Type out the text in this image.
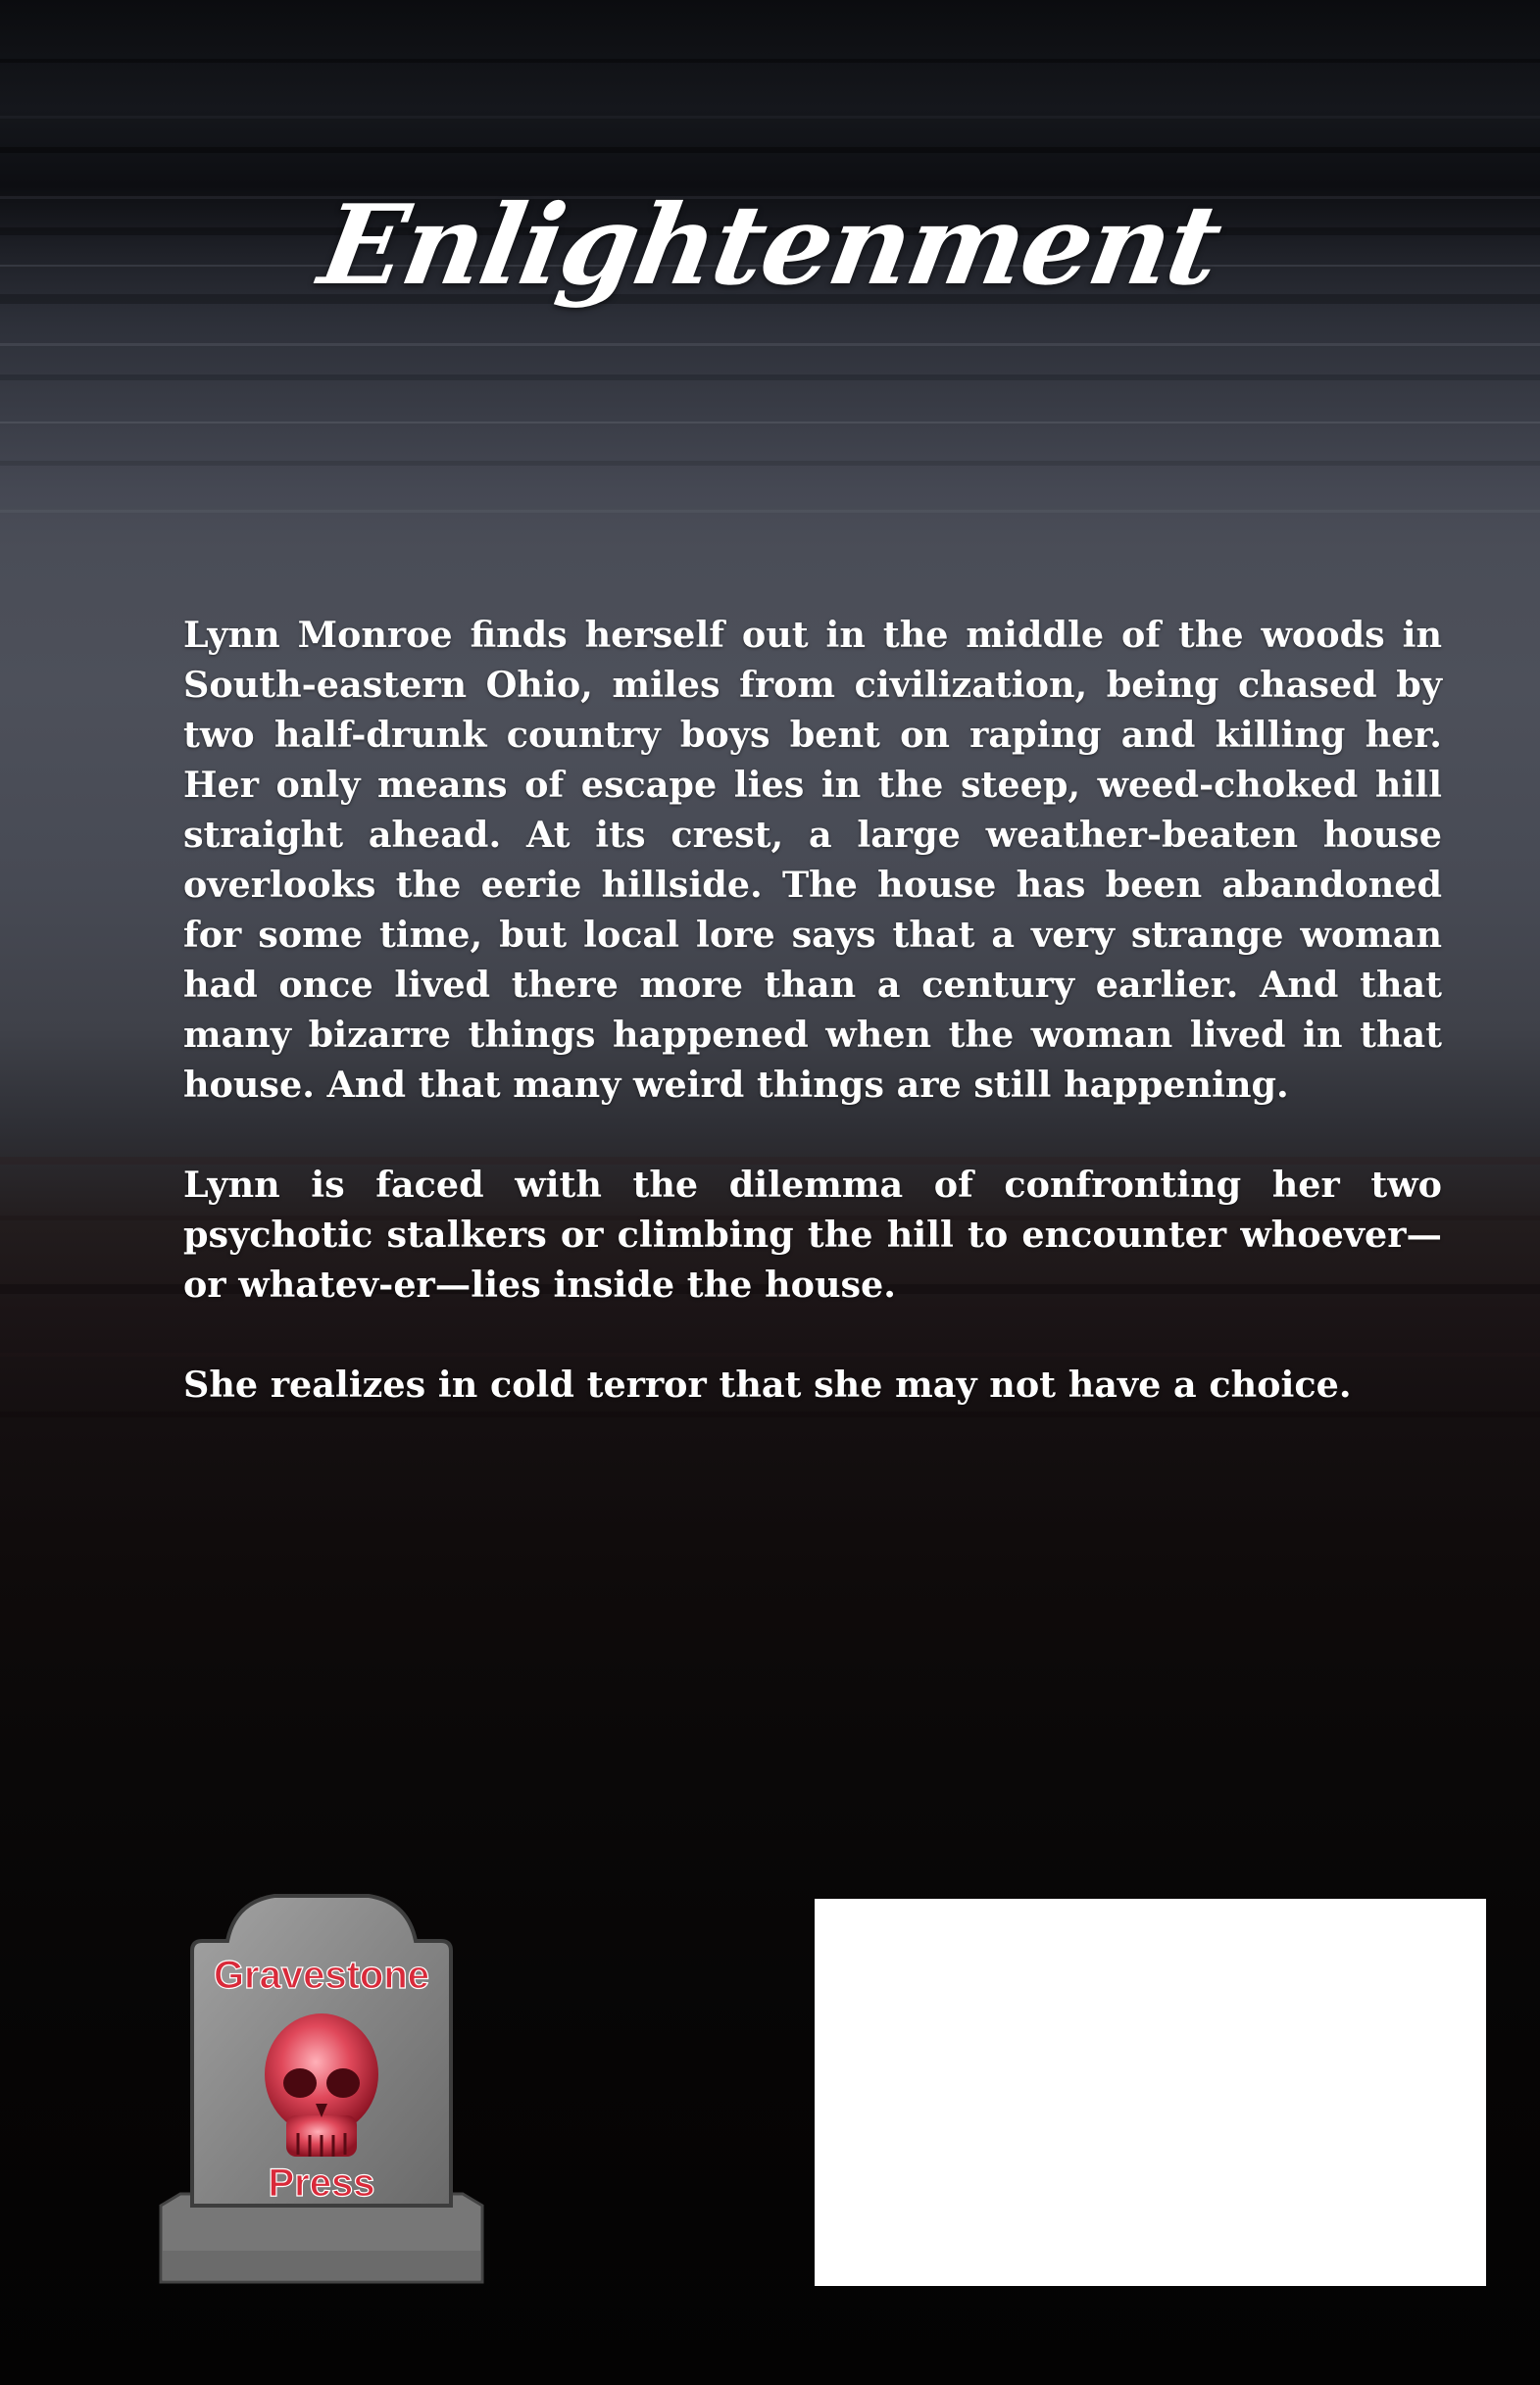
Enlightenment

Lynn Monroe finds herself out in the middle of the woods in South-eastern Ohio, miles from civilization, being chased by two half-drunk country boys bent on raping and killing her. Her only means of escape lies in the steep, weed-choked hill straight ahead. At its crest, a large weather-beaten house overlooks the eerie hillside. The house has been abandoned for some time, but local lore says that a very strange woman had once lived there more than a century earlier. And that many bizarre things happened when the woman lived in that house. And that many weird things are still happening.

Lynn is faced with the dilemma of confronting her two psychotic stalkers or climbing the hill to encounter whoever—or whatev-er—lies inside the house.

She realizes in cold terror that she may not have a choice.

Gravestone
Press
